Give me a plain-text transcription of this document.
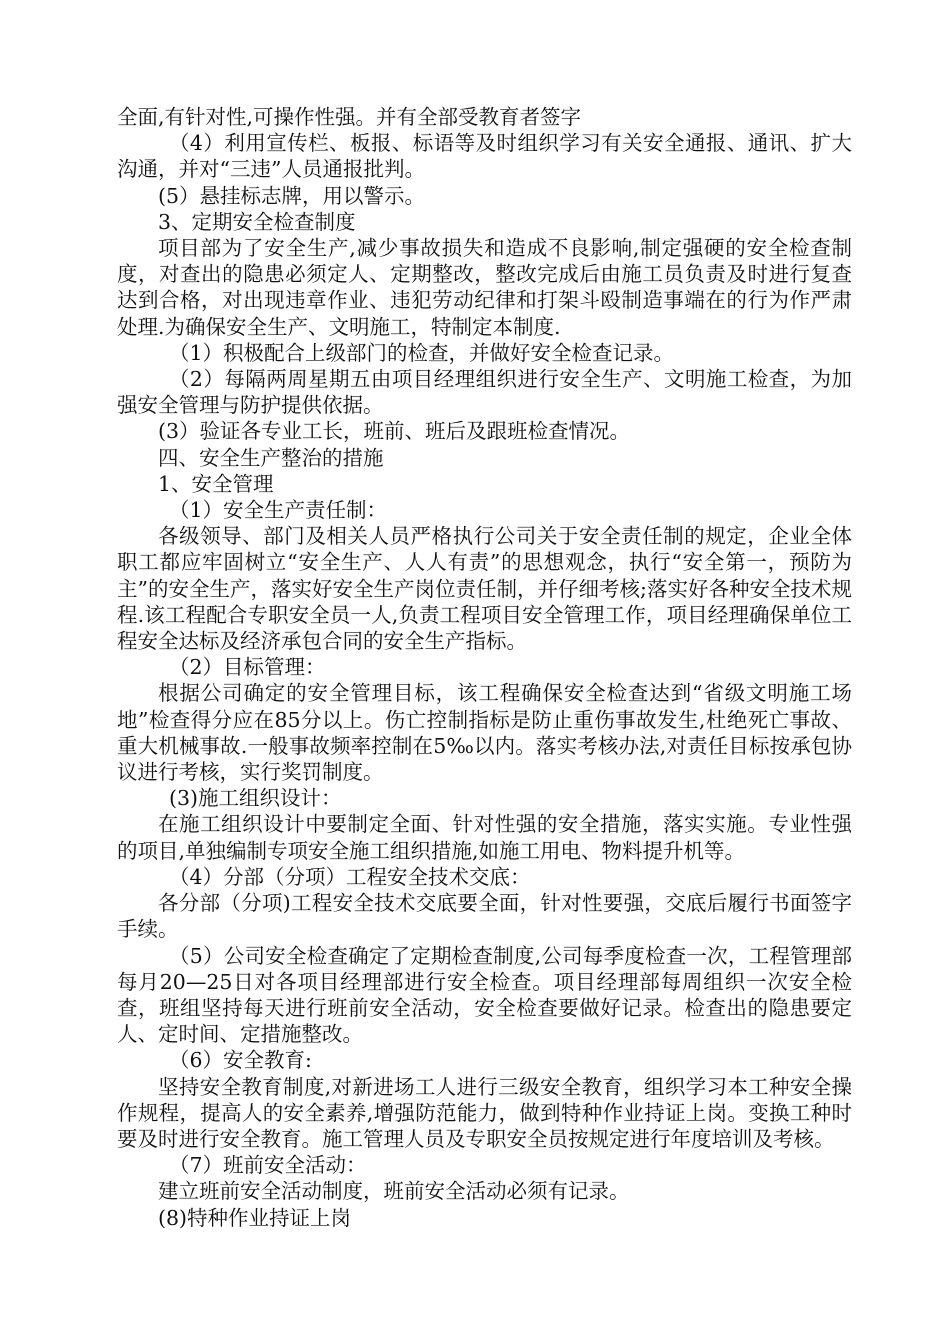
全面,有针对性,可操作性强。并有全部受教育者签字

（4）利用宣传栏、板报、标语等及时组织学习有关安全通报、通讯、扩大沟通，并对“三违”人员通报批判。

(5）悬挂标志牌，用以警示。

3、定期安全检查制度

项目部为了安全生产,减少事故损失和造成不良影响,制定强硬的安全检查制度，对查出的隐患必须定人、定期整改，整改完成后由施工员负责及时进行复查达到合格，对出现违章作业、违犯劳动纪律和打架斗殴制造事端在的行为作严肃处理.为确保安全生产、文明施工，特制定本制度.

（1）积极配合上级部门的检查，并做好安全检查记录。

（2）每隔两周星期五由项目经理组织进行安全生产、文明施工检查，为加强安全管理与防护提供依据。

(3）验证各专业工长，班前、班后及跟班检查情况。

四、安全生产整治的措施

1、安全管理

（1）安全生产责任制：

各级领导、部门及相关人员严格执行公司关于安全责任制的规定，企业全体职工都应牢固树立“安全生产、人人有责”的思想观念，执行“安全第一，预防为主”的安全生产，落实好安全生产岗位责任制，并仔细考核;落实好各种安全技术规程.该工程配合专职安全员一人,负责工程项目安全管理工作，项目经理确保单位工程安全达标及经济承包合同的安全生产指标。

（2）目标管理：

根据公司确定的安全管理目标，该工程确保安全检查达到“省级文明施工场地”检查得分应在85分以上。伤亡控制指标是防止重伤事故发生,杜绝死亡事故、重大机械事故.一般事故频率控制在5‰以内。落实考核办法,对责任目标按承包协议进行考核，实行奖罚制度。

(3)施工组织设计：

在施工组织设计中要制定全面、针对性强的安全措施，落实实施。专业性强的项目,单独编制专项安全施工组织措施,如施工用电、物料提升机等。

（4）分部（分项）工程安全技术交底：

各分部（分项)工程安全技术交底要全面，针对性要强，交底后履行书面签字手续。

（5）公司安全检查确定了定期检查制度,公司每季度检查一次，工程管理部每月20—25日对各项目经理部进行安全检查。项目经理部每周组织一次安全检查，班组坚持每天进行班前安全活动，安全检查要做好记录。检查出的隐患要定人、定时间、定措施整改。

（6）安全教育:

坚持安全教育制度,对新进场工人进行三级安全教育，组织学习本工种安全操作规程，提高人的安全素养,增强防范能力，做到特种作业持证上岗。变换工种时要及时进行安全教育。施工管理人员及专职安全员按规定进行年度培训及考核。

（7）班前安全活动：

建立班前安全活动制度，班前安全活动必须有记录。

(8)特种作业持证上岗
